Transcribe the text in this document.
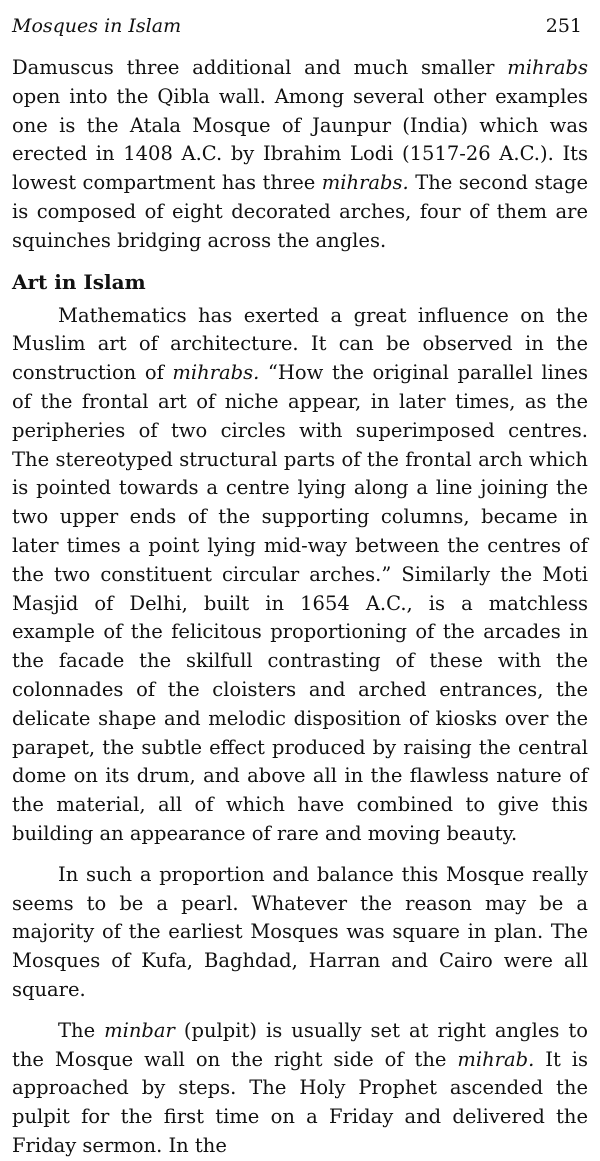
Mosques in Islam	251

Damuscus three additional and much smaller mihrabs open into the Qibla wall. Among several other examples one is the Atala Mosque of Jaunpur (India) which was erected in 1408 A.C. by Ibrahim Lodi (1517-26 A.C.). Its lowest compartment has three mihrabs. The second stage is composed of eight decorated arches, four of them are squinches bridging across the angles.

Art in Islam

Mathematics has exerted a great influence on the Muslim art of architecture. It can be observed in the construction of mihrabs. “How the original parallel lines of the frontal art of niche appear, in later times, as the peripheries of two circles with superimposed centres. The stereotyped structural parts of the frontal arch which is pointed towards a centre lying along a line joining the two upper ends of the supporting columns, became in later times a point lying mid-way between the centres of the two constituent circular arches.” Similarly the Moti Masjid of Delhi, built in 1654 A.C., is a matchless example of the felicitous proportioning of the arcades in the facade the skilfull contrasting of these with the colonnades of the cloisters and arched entrances, the delicate shape and melodic disposition of kiosks over the parapet, the subtle effect produced by raising the central dome on its drum, and above all in the flawless nature of the material, all of which have combined to give this building an appearance of rare and moving beauty.

In such a proportion and balance this Mosque really seems to be a pearl. Whatever the reason may be a majority of the earliest Mosques was square in plan. The Mosques of Kufa, Baghdad, Harran and Cairo were all square.

The minbar (pulpit) is usually set at right angles to the Mosque wall on the right side of the mihrab. It is approached by steps. The Holy Prophet ascended the pulpit for the first time on a Friday and delivered the Friday sermon. In the
